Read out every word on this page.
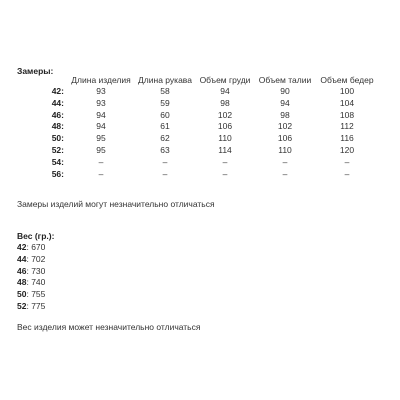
Замеры:

	Длина изделия	Длина рукава	Объем груди	Объем талии	Объем бедер
42:	93	58	94	90	100
44:	93	59	98	94	104
46:	94	60	102	98	108
48:	94	61	106	102	112
50:	95	62	110	106	116
52:	95	63	114	110	120
54:	–	–	–	–	–
56:	–	–	–	–	–

Замеры изделий могут незначительно отличаться

Вес (гр.):

42: 670
44: 702
46: 730
48: 740
50: 755
52: 775

Вес изделия может незначительно отличаться
